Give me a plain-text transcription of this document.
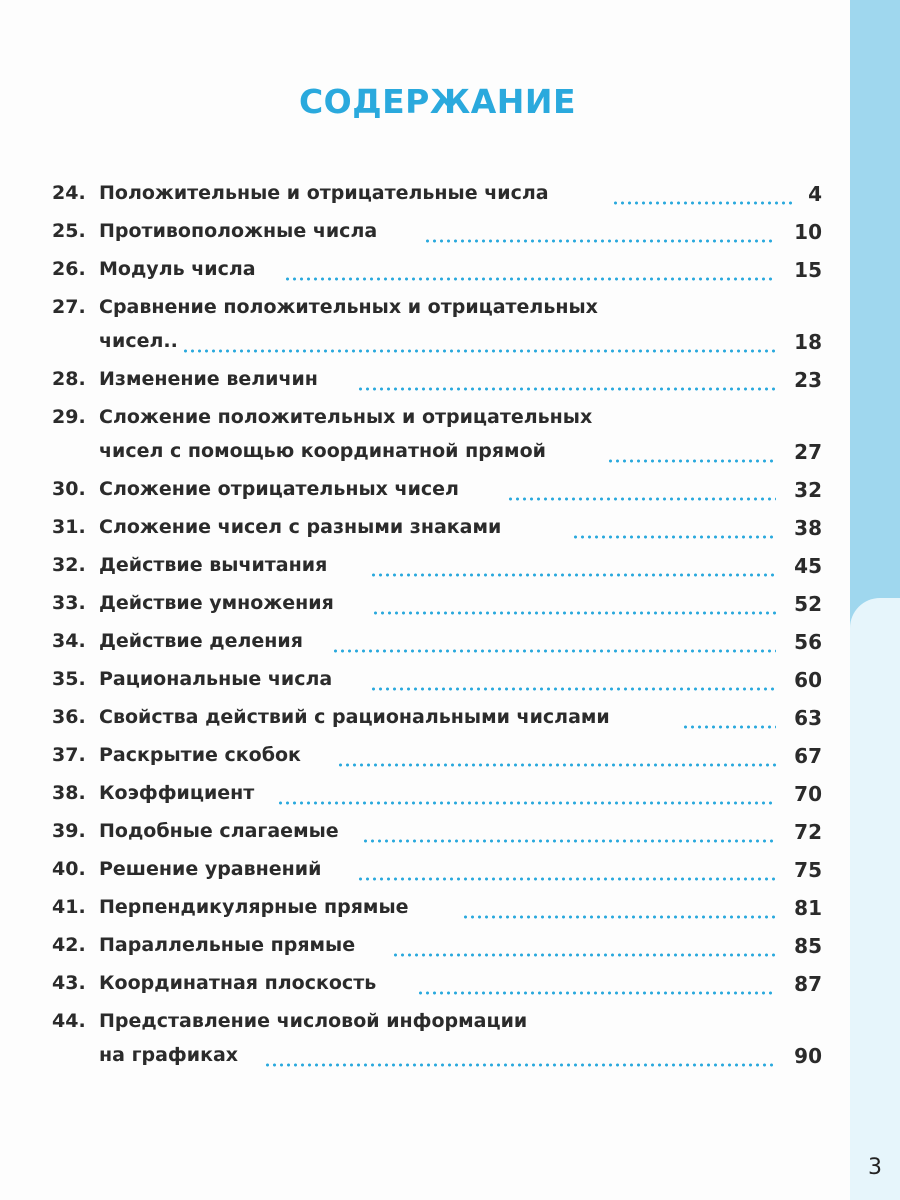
СОДЕРЖАНИЕ
24. Положительные и отрицательные числа	4
25. Противоположные числа	10
26. Модуль числа	15
27. Сравнение положительных и отрицательных
чисел..	18
28. Изменение величин	23
29. Сложение положительных и отрицательных
чисел с помощью координатной прямой	27
30. Сложение отрицательных чисел	32
31. Сложение чисел с разными знаками	38
32. Действие вычитания	45
33. Действие умножения	52
34. Действие деления	56
35. Рациональные числа	60
36. Свойства действий с рациональными числами	63
37. Раскрытие скобок	67
38. Коэффициент	70
39. Подобные слагаемые	72
40. Решение уравнений	75
41. Перпендикулярные прямые	81
42. Параллельные прямые	85
43. Координатная плоскость	87
44. Представление числовой информации
на графиках	90
3
